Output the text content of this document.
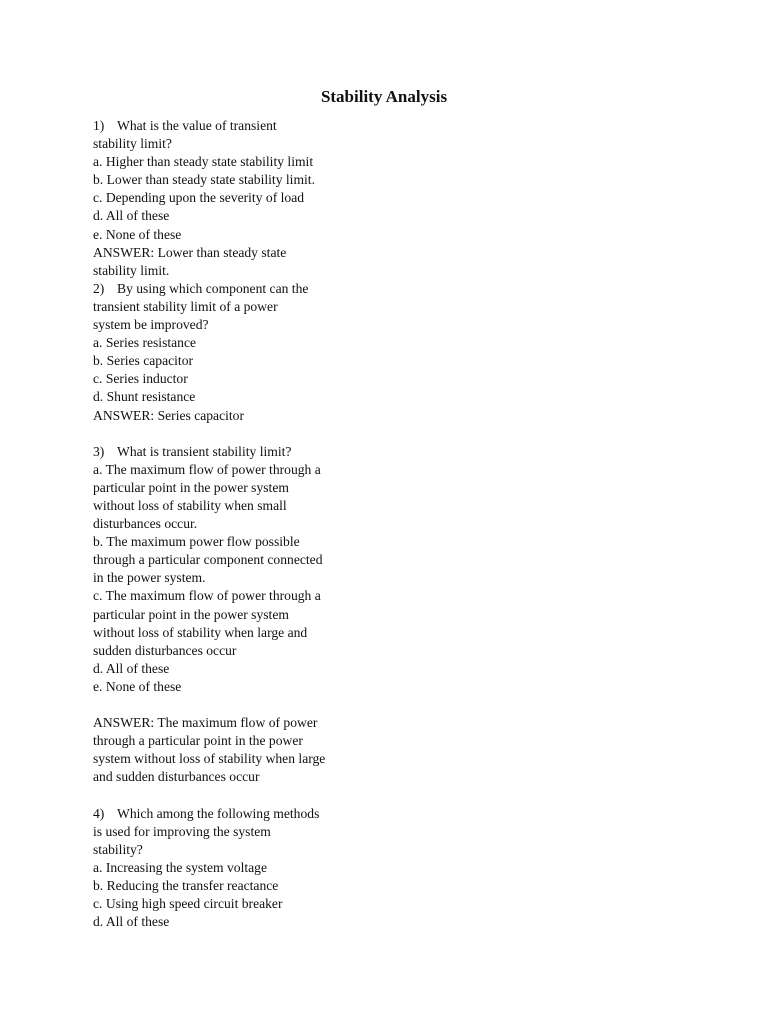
Stability Analysis
1) What is the value of transient
stability limit?
a. Higher than steady state stability limit
b. Lower than steady state stability limit.
c. Depending upon the severity of load
d. All of these
e. None of these
ANSWER: Lower than steady state
stability limit.
2) By using which component can the
transient stability limit of a power
system be improved?
a. Series resistance
b. Series capacitor
c. Series inductor
d. Shunt resistance
ANSWER: Series capacitor
3) What is transient stability limit?
a. The maximum flow of power through a
particular point in the power system
without loss of stability when small
disturbances occur.
b. The maximum power flow possible
through a particular component connected
in the power system.
c. The maximum flow of power through a
particular point in the power system
without loss of stability when large and
sudden disturbances occur
d. All of these
e. None of these
ANSWER: The maximum flow of power
through a particular point in the power
system without loss of stability when large
and sudden disturbances occur
4) Which among the following methods
is used for improving the system
stability?
a. Increasing the system voltage
b. Reducing the transfer reactance
c. Using high speed circuit breaker
d. All of these
